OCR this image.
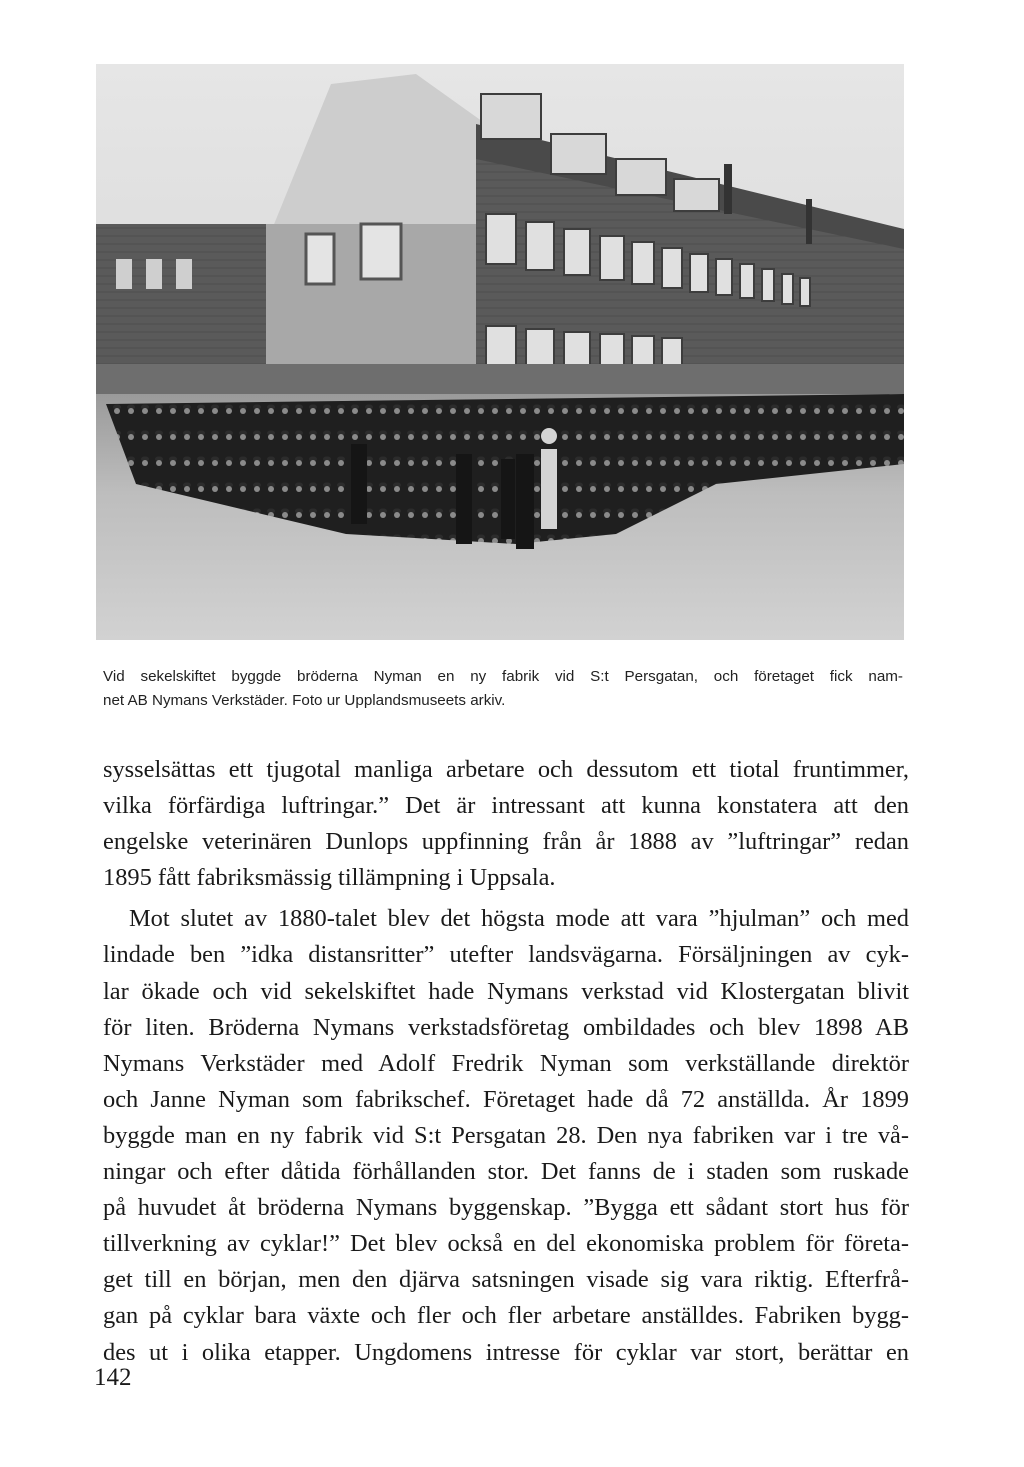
Vid sekelskiftet byggde bröderna Nyman en ny fabrik vid S:t Persgatan, och företaget fick nam-
net AB Nymans Verkstäder. Foto ur Upplandsmuseets arkiv.

sysselsättas ett tjugotal manliga arbetare och dessutom ett tiotal fruntimmer,
vilka förfärdiga luftringar.” Det är intressant att kunna konstatera att den
engelske veterinären Dunlops uppfinning från år 1888 av ”luftringar” redan
1895 fått fabriksmässig tillämpning i Uppsala.

Mot slutet av 1880-talet blev det högsta mode att vara ”hjulman” och med
lindade ben ”idka distansritter” utefter landsvägarna. Försäljningen av cyk-
lar ökade och vid sekelskiftet hade Nymans verkstad vid Klostergatan blivit
för liten. Bröderna Nymans verkstadsföretag ombildades och blev 1898 AB
Nymans Verkstäder med Adolf Fredrik Nyman som verkställande direktör
och Janne Nyman som fabrikschef. Företaget hade då 72 anställda. År 1899
byggde man en ny fabrik vid S:t Persgatan 28. Den nya fabriken var i tre vå-
ningar och efter dåtida förhållanden stor. Det fanns de i staden som ruskade
på huvudet åt bröderna Nymans byggenskap. ”Bygga ett sådant stort hus för
tillverkning av cyklar!” Det blev också en del ekonomiska problem för företa-
get till en början, men den djärva satsningen visade sig vara riktig. Efterfrå-
gan på cyklar bara växte och fler och fler arbetare anställdes. Fabriken bygg-
des ut i olika etapper. Ungdomens intresse för cyklar var stort, berättar en

142
